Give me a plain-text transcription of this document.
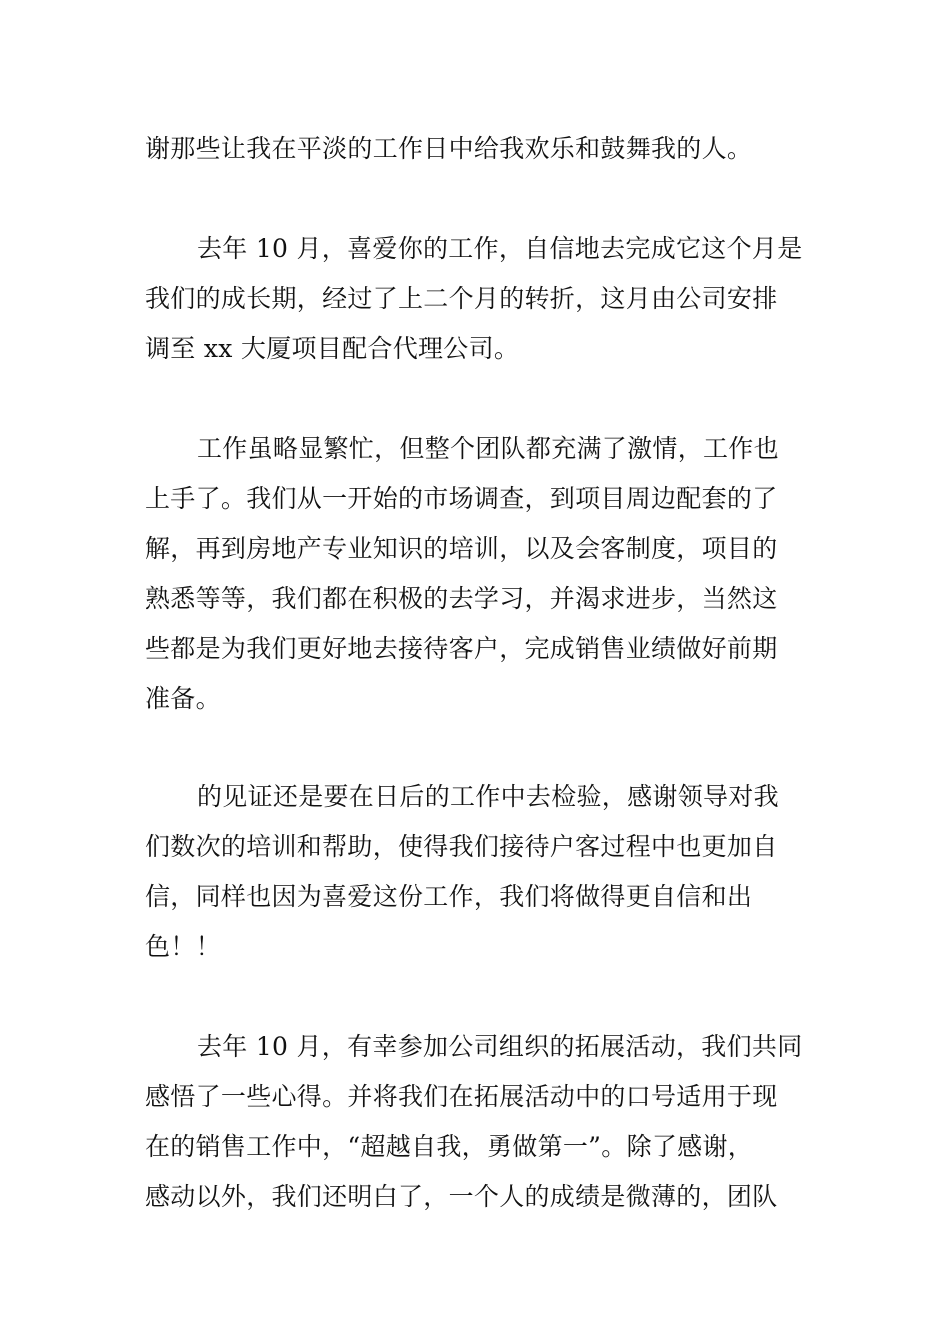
谢那些让我在平淡的工作日中给我欢乐和鼓舞我的人。

去年 10 月，喜爱你的工作，自信地去完成它这个月是
我们的成长期，经过了上二个月的转折，这月由公司安排
调至 xx 大厦项目配合代理公司。

工作虽略显繁忙，但整个团队都充满了激情，工作也
上手了。我们从一开始的市场调查，到项目周边配套的了
解，再到房地产专业知识的培训，以及会客制度，项目的
熟悉等等，我们都在积极的去学习，并渴求进步，当然这
些都是为我们更好地去接待客户，完成销售业绩做好前期
准备。

的见证还是要在日后的工作中去检验，感谢领导对我
们数次的培训和帮助，使得我们接待户客过程中也更加自
信，同样也因为喜爱这份工作，我们将做得更自信和出
色！！

去年 10 月，有幸参加公司组织的拓展活动，我们共同
感悟了一些心得。并将我们在拓展活动中的口号适用于现
在的销售工作中，“超越自我，勇做第一”。除了感谢，
感动以外，我们还明白了，一个人的成绩是微薄的，团队
